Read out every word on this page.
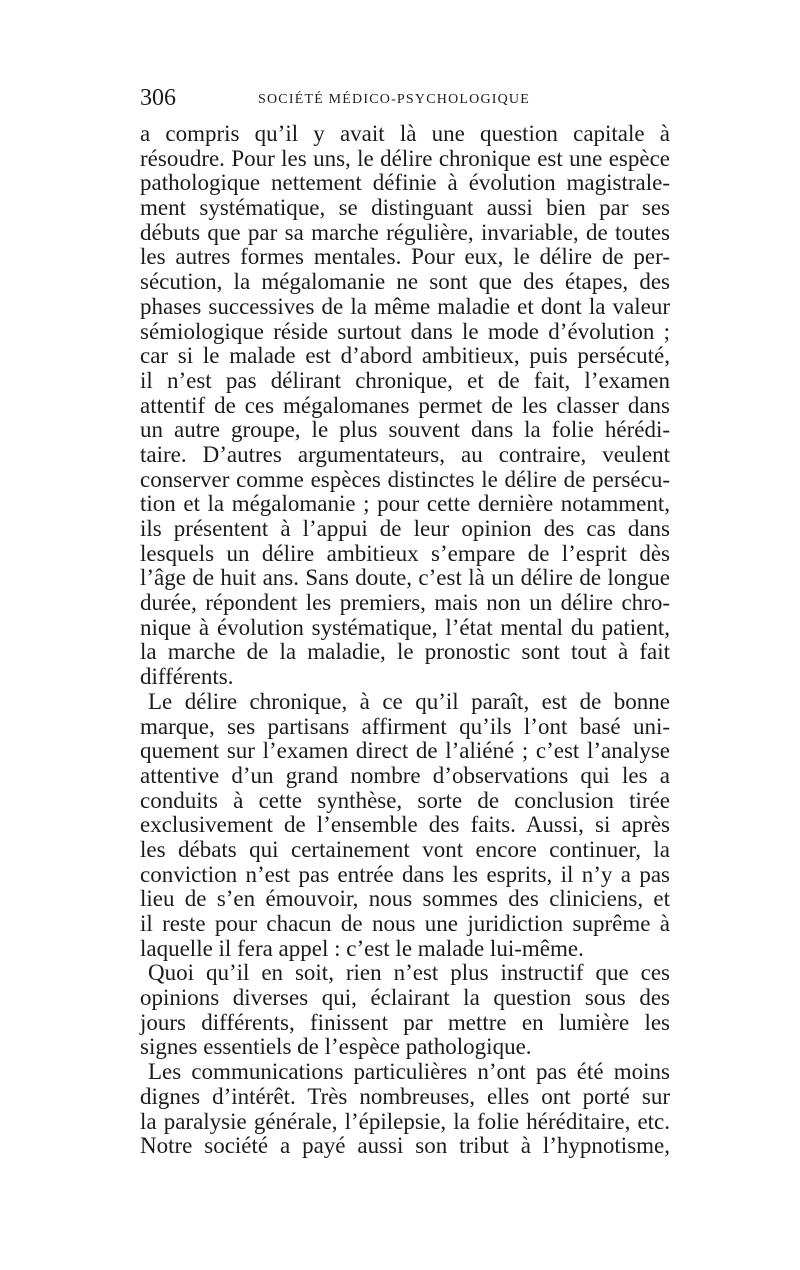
306	SOCIÉTÉ MÉDICO-PSYCHOLOGIQUE
a compris qu’il y avait là une question capitale à
résoudre. Pour les uns, le délire chronique est une espèce
pathologique nettement définie à évolution magistrale-
ment systématique, se distinguant aussi bien par ses
débuts que par sa marche régulière, invariable, de toutes
les autres formes mentales. Pour eux, le délire de per-
sécution, la mégalomanie ne sont que des étapes, des
phases successives de la même maladie et dont la valeur
sémiologique réside surtout dans le mode d’évolution ;
car si le malade est d’abord ambitieux, puis persécuté,
il n’est pas délirant chronique, et de fait, l’examen
attentif de ces mégalomanes permet de les classer dans
un autre groupe, le plus souvent dans la folie hérédi-
taire. D’autres argumentateurs, au contraire, veulent
conserver comme espèces distinctes le délire de persécu-
tion et la mégalomanie ; pour cette dernière notamment,
ils présentent à l’appui de leur opinion des cas dans
lesquels un délire ambitieux s’empare de l’esprit dès
l’âge de huit ans. Sans doute, c’est là un délire de longue
durée, répondent les premiers, mais non un délire chro-
nique à évolution systématique, l’état mental du patient,
la marche de la maladie, le pronostic sont tout à fait
différents.
Le délire chronique, à ce qu’il paraît, est de bonne
marque, ses partisans affirment qu’ils l’ont basé uni-
quement sur l’examen direct de l’aliéné ; c’est l’analyse
attentive d’un grand nombre d’observations qui les a
conduits à cette synthèse, sorte de conclusion tirée
exclusivement de l’ensemble des faits. Aussi, si après
les débats qui certainement vont encore continuer, la
conviction n’est pas entrée dans les esprits, il n’y a pas
lieu de s’en émouvoir, nous sommes des cliniciens, et
il reste pour chacun de nous une juridiction suprême à
laquelle il fera appel : c’est le malade lui-même.
Quoi qu’il en soit, rien n’est plus instructif que ces
opinions diverses qui, éclairant la question sous des
jours différents, finissent par mettre en lumière les
signes essentiels de l’espèce pathologique.
Les communications particulières n’ont pas été moins
dignes d’intérêt. Très nombreuses, elles ont porté sur
la paralysie générale, l’épilepsie, la folie héréditaire, etc.
Notre société a payé aussi son tribut à l’hypnotisme,
